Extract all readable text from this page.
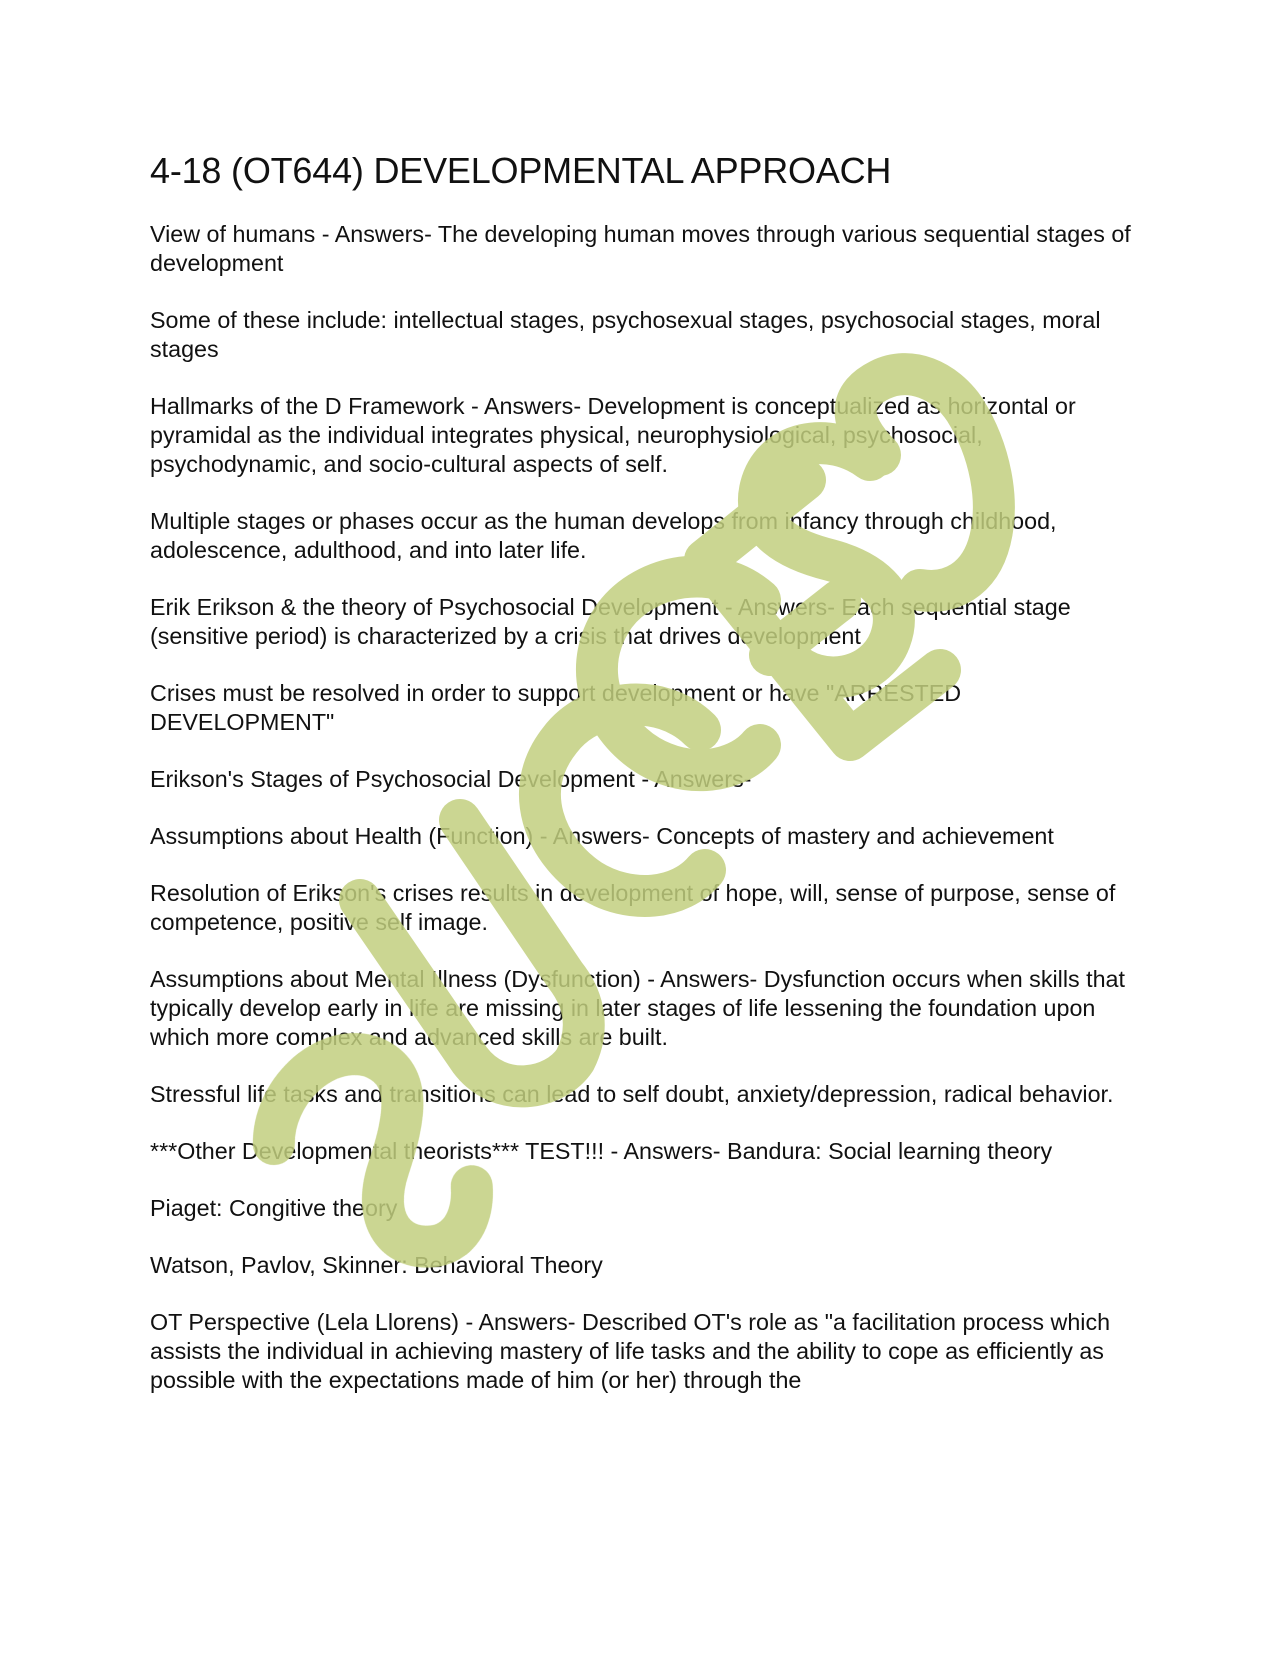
4-18 (OT644) DEVELOPMENTAL APPROACH

View of humans - Answers- The developing human moves through various sequential stages of development

Some of these include: intellectual stages, psychosexual stages, psychosocial stages, moral stages

Hallmarks of the D Framework - Answers- Development is conceptualized as horizontal or pyramidal as the individual integrates physical, neurophysiological, psychosocial, psychodynamic, and socio-cultural aspects of self.

Multiple stages or phases occur as the human develops from infancy through childhood, adolescence, adulthood, and into later life.

Erik Erikson & the theory of Psychosocial Development - Answers- Each sequential stage (sensitive period) is characterized by a crisis that drives development

Crises must be resolved in order to support development or have "ARRESTED DEVELOPMENT"

Erikson's Stages of Psychosocial Development - Answers-

Assumptions about Health (Function) - Answers- Concepts of mastery and achievement

Resolution of Erikson's crises results in development of hope, will, sense of purpose, sense of competence, positive self image.

Assumptions about Mental Illness (Dysfunction) - Answers- Dysfunction occurs when skills that typically develop early in life are missing in later stages of life lessening the foundation upon which more complex and advanced skills are built.

Stressful life tasks and transitions can lead to self doubt, anxiety/depression, radical behavior.

***Other Developmental theorists*** TEST!!! - Answers- Bandura: Social learning theory

Piaget: Congitive theory

Watson, Pavlov, Skinner: Behavioral Theory

OT Perspective (Lela Llorens) - Answers- Described OT's role as "a facilitation process which assists the individual in achieving mastery of life tasks and the ability to cope as efficiently as possible with the expectations made of him (or her) through the
